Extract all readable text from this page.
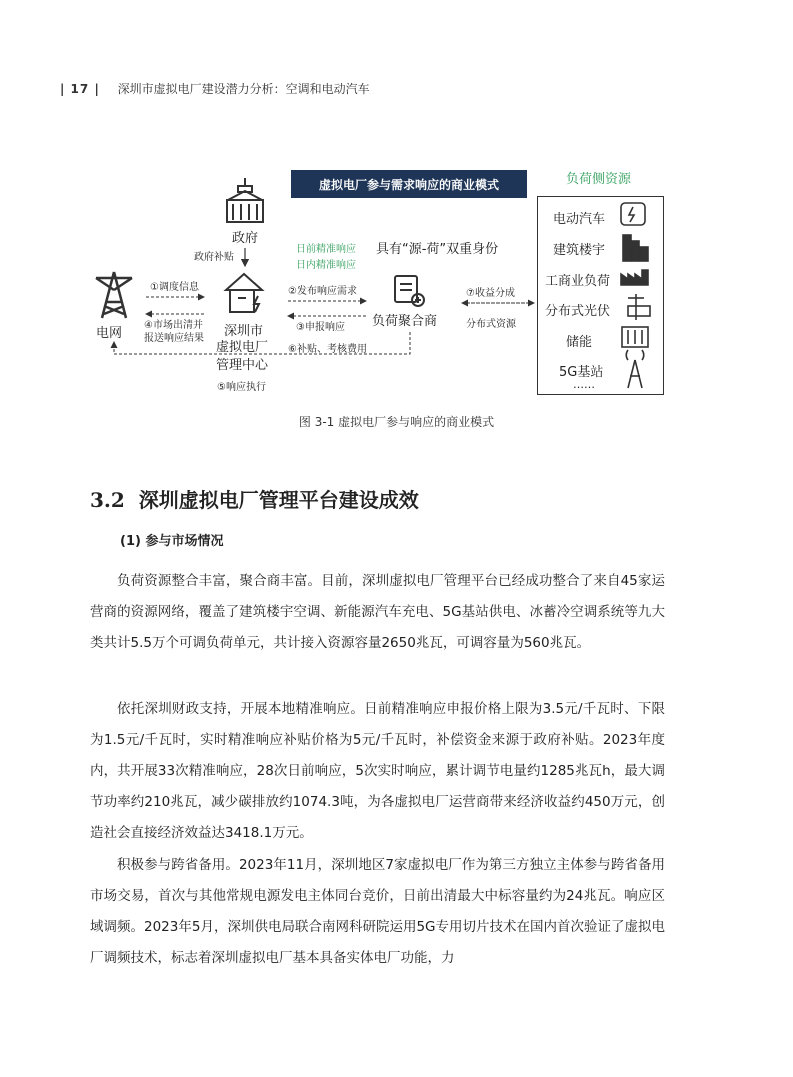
| 17 | 深圳市虚拟电厂建设潜力分析：空调和电动汽车
虚拟电厂参与需求响应的商业模式	负荷侧资源
政府
政府补贴
电网	深圳市
虚拟电厂
管理中心
负荷聚合商
具有“源-荷”双重身份
①调度信息
④市场出清并
报送响应结果
②发布响应需求
③申报响应
⑥补贴、考核费用
⑤响应执行
日前精准响应
日内精准响应
⑦收益分成
分布式资源
电动汽车
建筑楼宇
工商业负荷
分布式光伏
储能
5G基站
……
图 3-1 虚拟电厂参与响应的商业模式
3.2 深圳虚拟电厂管理平台建设成效
(1) 参与市场情况
负荷资源整合丰富，聚合商丰富。目前，深圳虚拟电厂管理平台已经成功整合了来自45家运营商的资源网络，覆盖了建筑楼宇空调、新能源汽车充电、5G基站供电、冰蓄冷空调系统等九大类共计5.5万个可调负荷单元，共计接入资源容量2650兆瓦，可调容量为560兆瓦。
依托深圳财政支持，开展本地精准响应。日前精准响应申报价格上限为3.5元/千瓦时、下限为1.5元/千瓦时，实时精准响应补贴价格为5元/千瓦时，补偿资金来源于政府补贴。2023年度内，共开展33次精准响应，28次日前响应，5次实时响应，累计调节电量约1285兆瓦h，最大调节功率约210兆瓦，减少碳排放约1074.3吨，为各虚拟电厂运营商带来经济收益约450万元，创造社会直接经济效益达3418.1万元。
积极参与跨省备用。2023年11月，深圳地区7家虚拟电厂作为第三方独立主体参与跨省备用市场交易，首次与其他常规电源发电主体同台竞价，日前出清最大中标容量约为24兆瓦。响应区域调频。2023年5月，深圳供电局联合南网科研院运用5G专用切片技术在国内首次验证了虚拟电厂调频技术，标志着深圳虚拟电厂基本具备实体电厂功能，力
